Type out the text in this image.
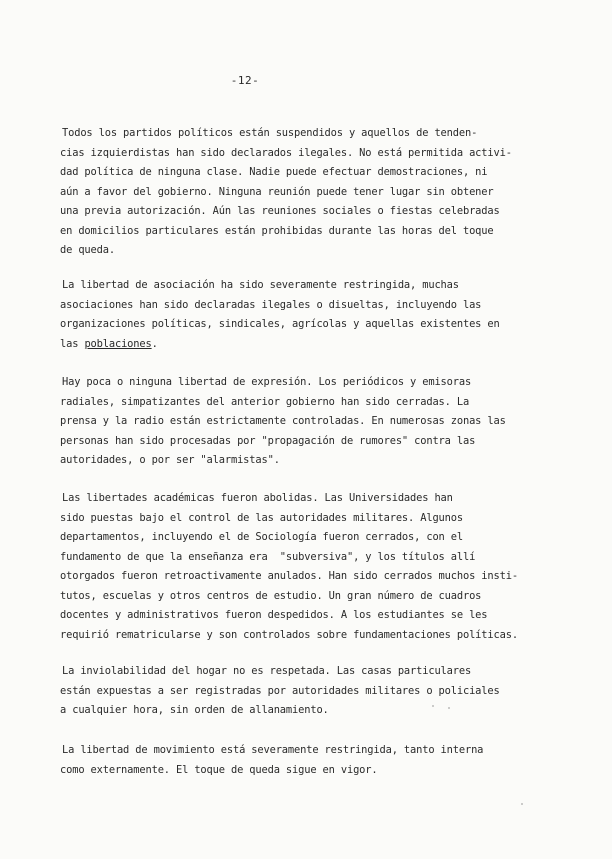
-12-
Todos los partidos políticos están suspendidos y aquellos de tenden-
cias izquierdistas han sido declarados ilegales. No está permitida activi-
dad política de ninguna clase. Nadie puede efectuar demostraciones, ni
aún a favor del gobierno. Ninguna reunión puede tener lugar sin obtener
una previa autorización. Aún las reuniones sociales o fiestas celebradas
en domicilios particulares están prohibidas durante las horas del toque
de queda.
La libertad de asociación ha sido severamente restringida, muchas
asociaciones han sido declaradas ilegales o disueltas, incluyendo las
organizaciones políticas, sindicales, agrícolas y aquellas existentes en
las poblaciones.
Hay poca o ninguna libertad de expresión. Los periódicos y emisoras
radiales, simpatizantes del anterior gobierno han sido cerradas. La
prensa y la radio están estrictamente controladas. En numerosas zonas las
personas han sido procesadas por "propagación de rumores" contra las
autoridades, o por ser "alarmistas".
Las libertades académicas fueron abolidas. Las Universidades han
sido puestas bajo el control de las autoridades militares. Algunos
departamentos, incluyendo el de Sociología fueron cerrados, con el
fundamento de que la enseñanza era  "subversiva", y los títulos allí
otorgados fueron retroactivamente anulados. Han sido cerrados muchos insti-
tutos, escuelas y otros centros de estudio. Un gran número de cuadros
docentes y administrativos fueron despedidos. A los estudiantes se les
requirió rematricularse y son controlados sobre fundamentaciones políticas.
La inviolabilidad del hogar no es respetada. Las casas particulares
están expuestas a ser registradas por autoridades militares o policiales
a cualquier hora, sin orden de allanamiento.
La libertad de movimiento está severamente restringida, tanto interna
como externamente. El toque de queda sigue en vigor.
